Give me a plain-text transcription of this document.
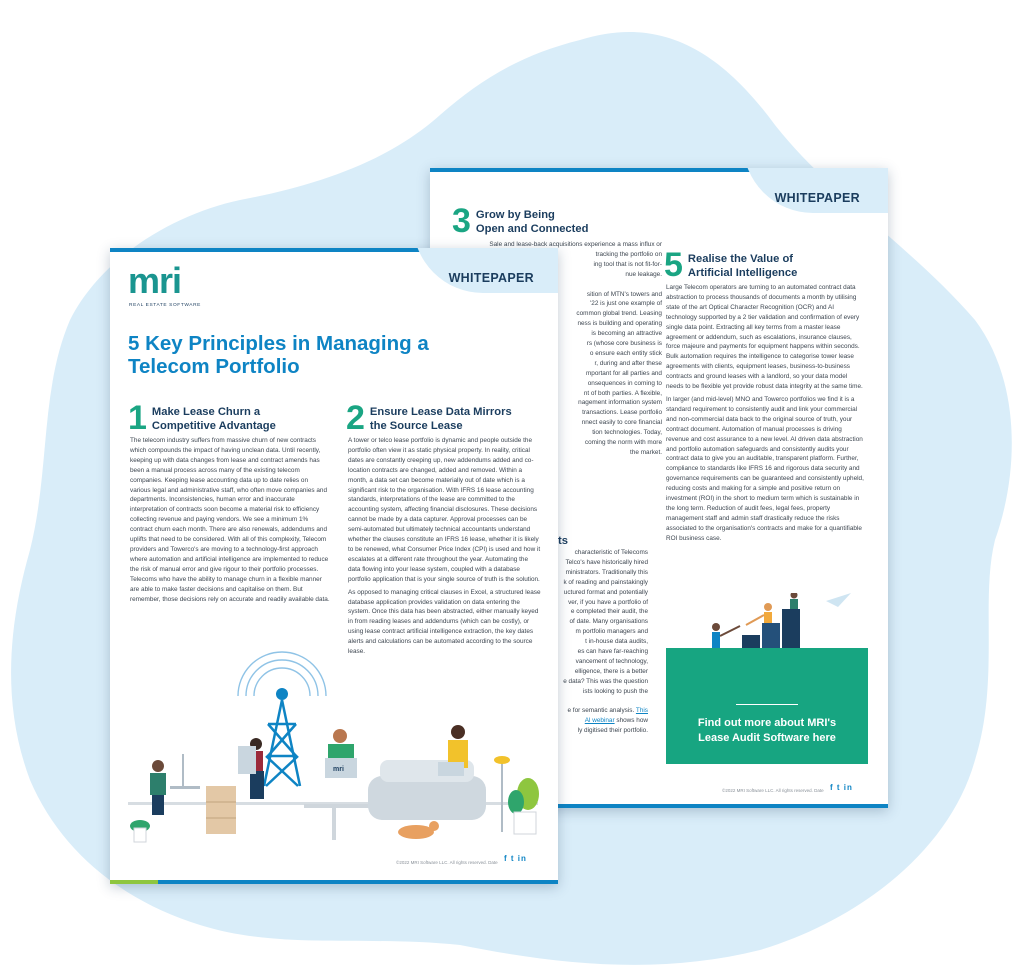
WHITEPAPER
3 Grow by Being
Open and Connected
Sale and lease-back acquisitions experience a mass influx or
tracking the portfolio on
ing tool that is not fit-for-
nue leakage.
sition of MTN's towers and
'22 is just one example of
common global trend. Leasing
ness is building and operating
is becoming an attractive
rs (whose core business is
o ensure each entity stick
r, during and after these
mportant for all parties and
onsequences in coming to
nt of both parties. A flexible,
nagement information system
transactions. Lease portfolio
nnect easily to core financial
tion technologies. Today,
coming the norm with more
the market.
ts
characteristic of Telecoms
Telco's have historically hired
ministrators. Traditionally this
k of reading and painstakingly
uctured format and potentially
ver, if you have a portfolio of
e completed their audit, the
of date. Many organisations
m portfolio managers and
t in-house data audits,
es can have far-reaching
vancement of technology,
elligence, there is a better
e data? This was the question
ists looking to push the
e for semantic analysis. This
Al webinar shows how
ly digitised their portfolio.
5 Realise the Value of
Artificial Intelligence

Large Telecom operators are turning to an automated contract data abstraction to process thousands of documents a month by utilising state of the art Optical Character Recognition (OCR) and AI technology supported by a 2 tier validation and confirmation of every single data point. Extracting all key terms from a master lease agreement or addendum, such as escalations, insurance clauses, force majeure and payments for equipment happens within seconds. Bulk automation requires the intelligence to categorise tower lease agreements with clients, equipment leases, business-to-business contracts and ground leases with a landlord, so your data model needs to be flexible yet provide robust data integrity at the same time.

In larger (and mid-level) MNO and Towerco portfolios we find it is a standard requirement to consistently audit and link your commercial and non-commercial data back to the original source of truth, your contract document. Automation of manual processes is driving revenue and cost assurance to a new level. AI driven data abstraction and portfolio automation safeguards and consistently audits your contract data to give you an auditable, transparent platform. Further, compliance to standards like IFRS 16 and rigorous data security and governance requirements can be guaranteed and consistently upheld, reducing costs and making for a simple and positive return on investment (ROI) in the short to medium term which is sustainable in the long term. Reduction of audit fees, legal fees, property management staff and admin staff drastically reduce the risks associated to the organisation's contracts and make for a quantifiable ROI business case.

Find out more about MRI's
Lease Audit Software here
©2022 MRI Software LLC. All rights reserved. Date f t in
WHITEPAPER
mri
REAL ESTATE SOFTWARE
5 Key Principles in Managing a
Telecom Portfolio
1 Make Lease Churn a
Competitive Advantage
The telecom industry suffers from massive churn of new contracts which compounds the impact of having unclean data. Until recently, keeping up with data changes from lease and contract amends has been a manual process across many of the existing telecom companies. Keeping lease accounting data up to date relies on various legal and administrative staff, who often move companies and departments. Inconsistencies, human error and inaccurate interpretation of contracts soon become a material risk to efficiency collecting revenue and paying vendors. We see a minimum 1% contract churn each month. There are also renewals, addendums and uplifts that need to be considered. With all of this complexity, Telecom providers and Towerco's are moving to a technology-first approach where automation and artificial intelligence are implemented to reduce the risk of manual error and give rigour to their portfolio processes. Telecoms who have the ability to manage churn in a flexible manner are able to make faster decisions and capitalise on them. But remember, those decisions rely on accurate and readily available data.
2 Ensure Lease Data Mirrors
the Source Lease

A tower or telco lease portfolio is dynamic and people outside the portfolio often view it as static physical property. In reality, critical dates are constantly creeping up, new addendums added and co-location contracts are changed, added and removed. Within a month, a data set can become materially out of date which is a significant risk to the organisation. With IFRS 16 lease accounting standards, interpretations of the lease are committed to the accounting system, affecting financial disclosures. These decisions cannot be made by a data capturer. Approval processes can be semi-automated but ultimately technical accountants understand whether the clauses constitute an IFRS 16 lease, whether it is likely to be renewed, what Consumer Price Index (CPI) is used and how it escalates at a different rate throughout the year. Automating the data flowing into your lease system, coupled with a database portfolio application that is your single source of truth is the solution.

As opposed to managing critical clauses in Excel, a structured lease database application provides validation on data entering the system. Once this data has been abstracted, either manually keyed in from reading leases and addendums (which can be costly), or using lease contract artificial intelligence extraction, the key dates alerts and calculations can be automated according to the source lease.

mri
©2022 MRI Software LLC. All rights reserved. Date f t in
